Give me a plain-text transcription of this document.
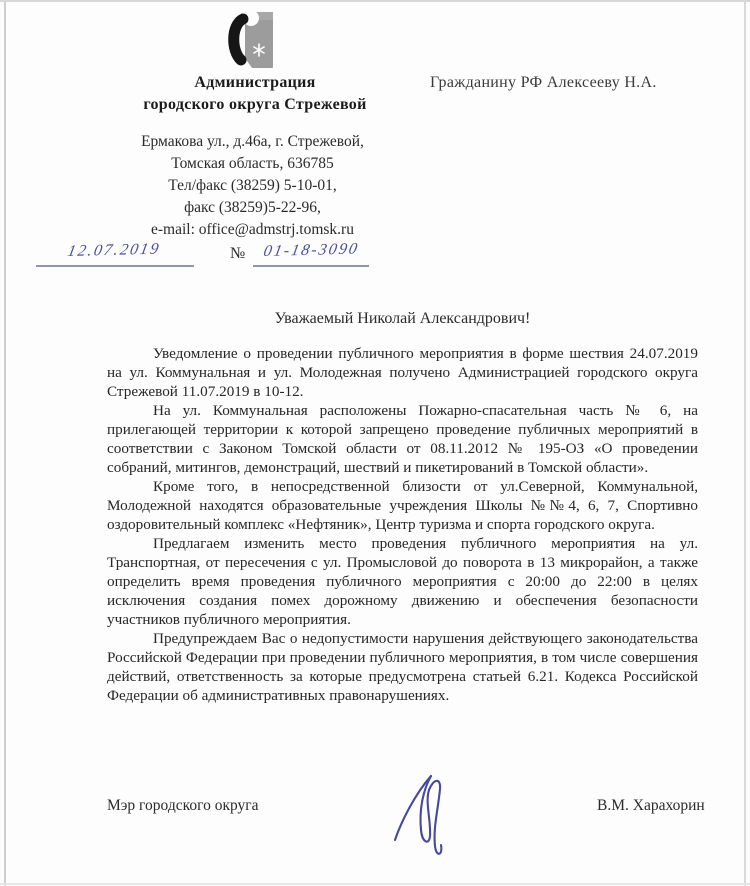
Администрация
городского округа Стрежевой
Гражданину РФ Алексееву Н.А.
Ермакова ул., д.46а, г. Стрежевой,
Томская область, 636785
Тел/факс (38259) 5-10-01,
факс (38259)5-22-96,
e-mail: office@admstrj.tomsk.ru
12.07.2019	№ 01-18-3090
Уважаемый Николай Александрович!

Уведомление о проведении публичного мероприятия в форме шествия 24.07.2019 на ул. Коммунальная и ул. Молодежная получено Администрацией городского округа Стрежевой 11.07.2019 в 10-12.

На ул. Коммунальная расположены Пожарно-спасательная часть № 6, на прилегающей территории к которой запрещено проведение публичных мероприятий в соответствии с Законом Томской области от 08.11.2012 № 195-ОЗ «О проведении собраний, митингов, демонстраций, шествий и пикетирований в Томской области».

Кроме того, в непосредственной близости от ул.Северной, Коммунальной, Молодежной находятся образовательные учреждения Школы №№4, 6, 7, Спортивно оздоровительный комплекс «Нефтяник», Центр туризма и спорта городского округа.

Предлагаем изменить место проведения публичного мероприятия на ул. Транспортная, от пересечения с ул. Промысловой до поворота в 13 микрорайон, а также определить время проведения публичного мероприятия с 20:00 до 22:00 в целях исключения создания помех дорожному движению и обеспечения безопасности участников публичного мероприятия.

Предупреждаем Вас о недопустимости нарушения действующего законодательства Российской Федерации при проведении публичного мероприятия, в том числе совершения действий, ответственность за которые предусмотрена статьей 6.21. Кодекса Российской Федерации об административных правонарушениях.

Мэр городского округа	В.М. Харахорин
